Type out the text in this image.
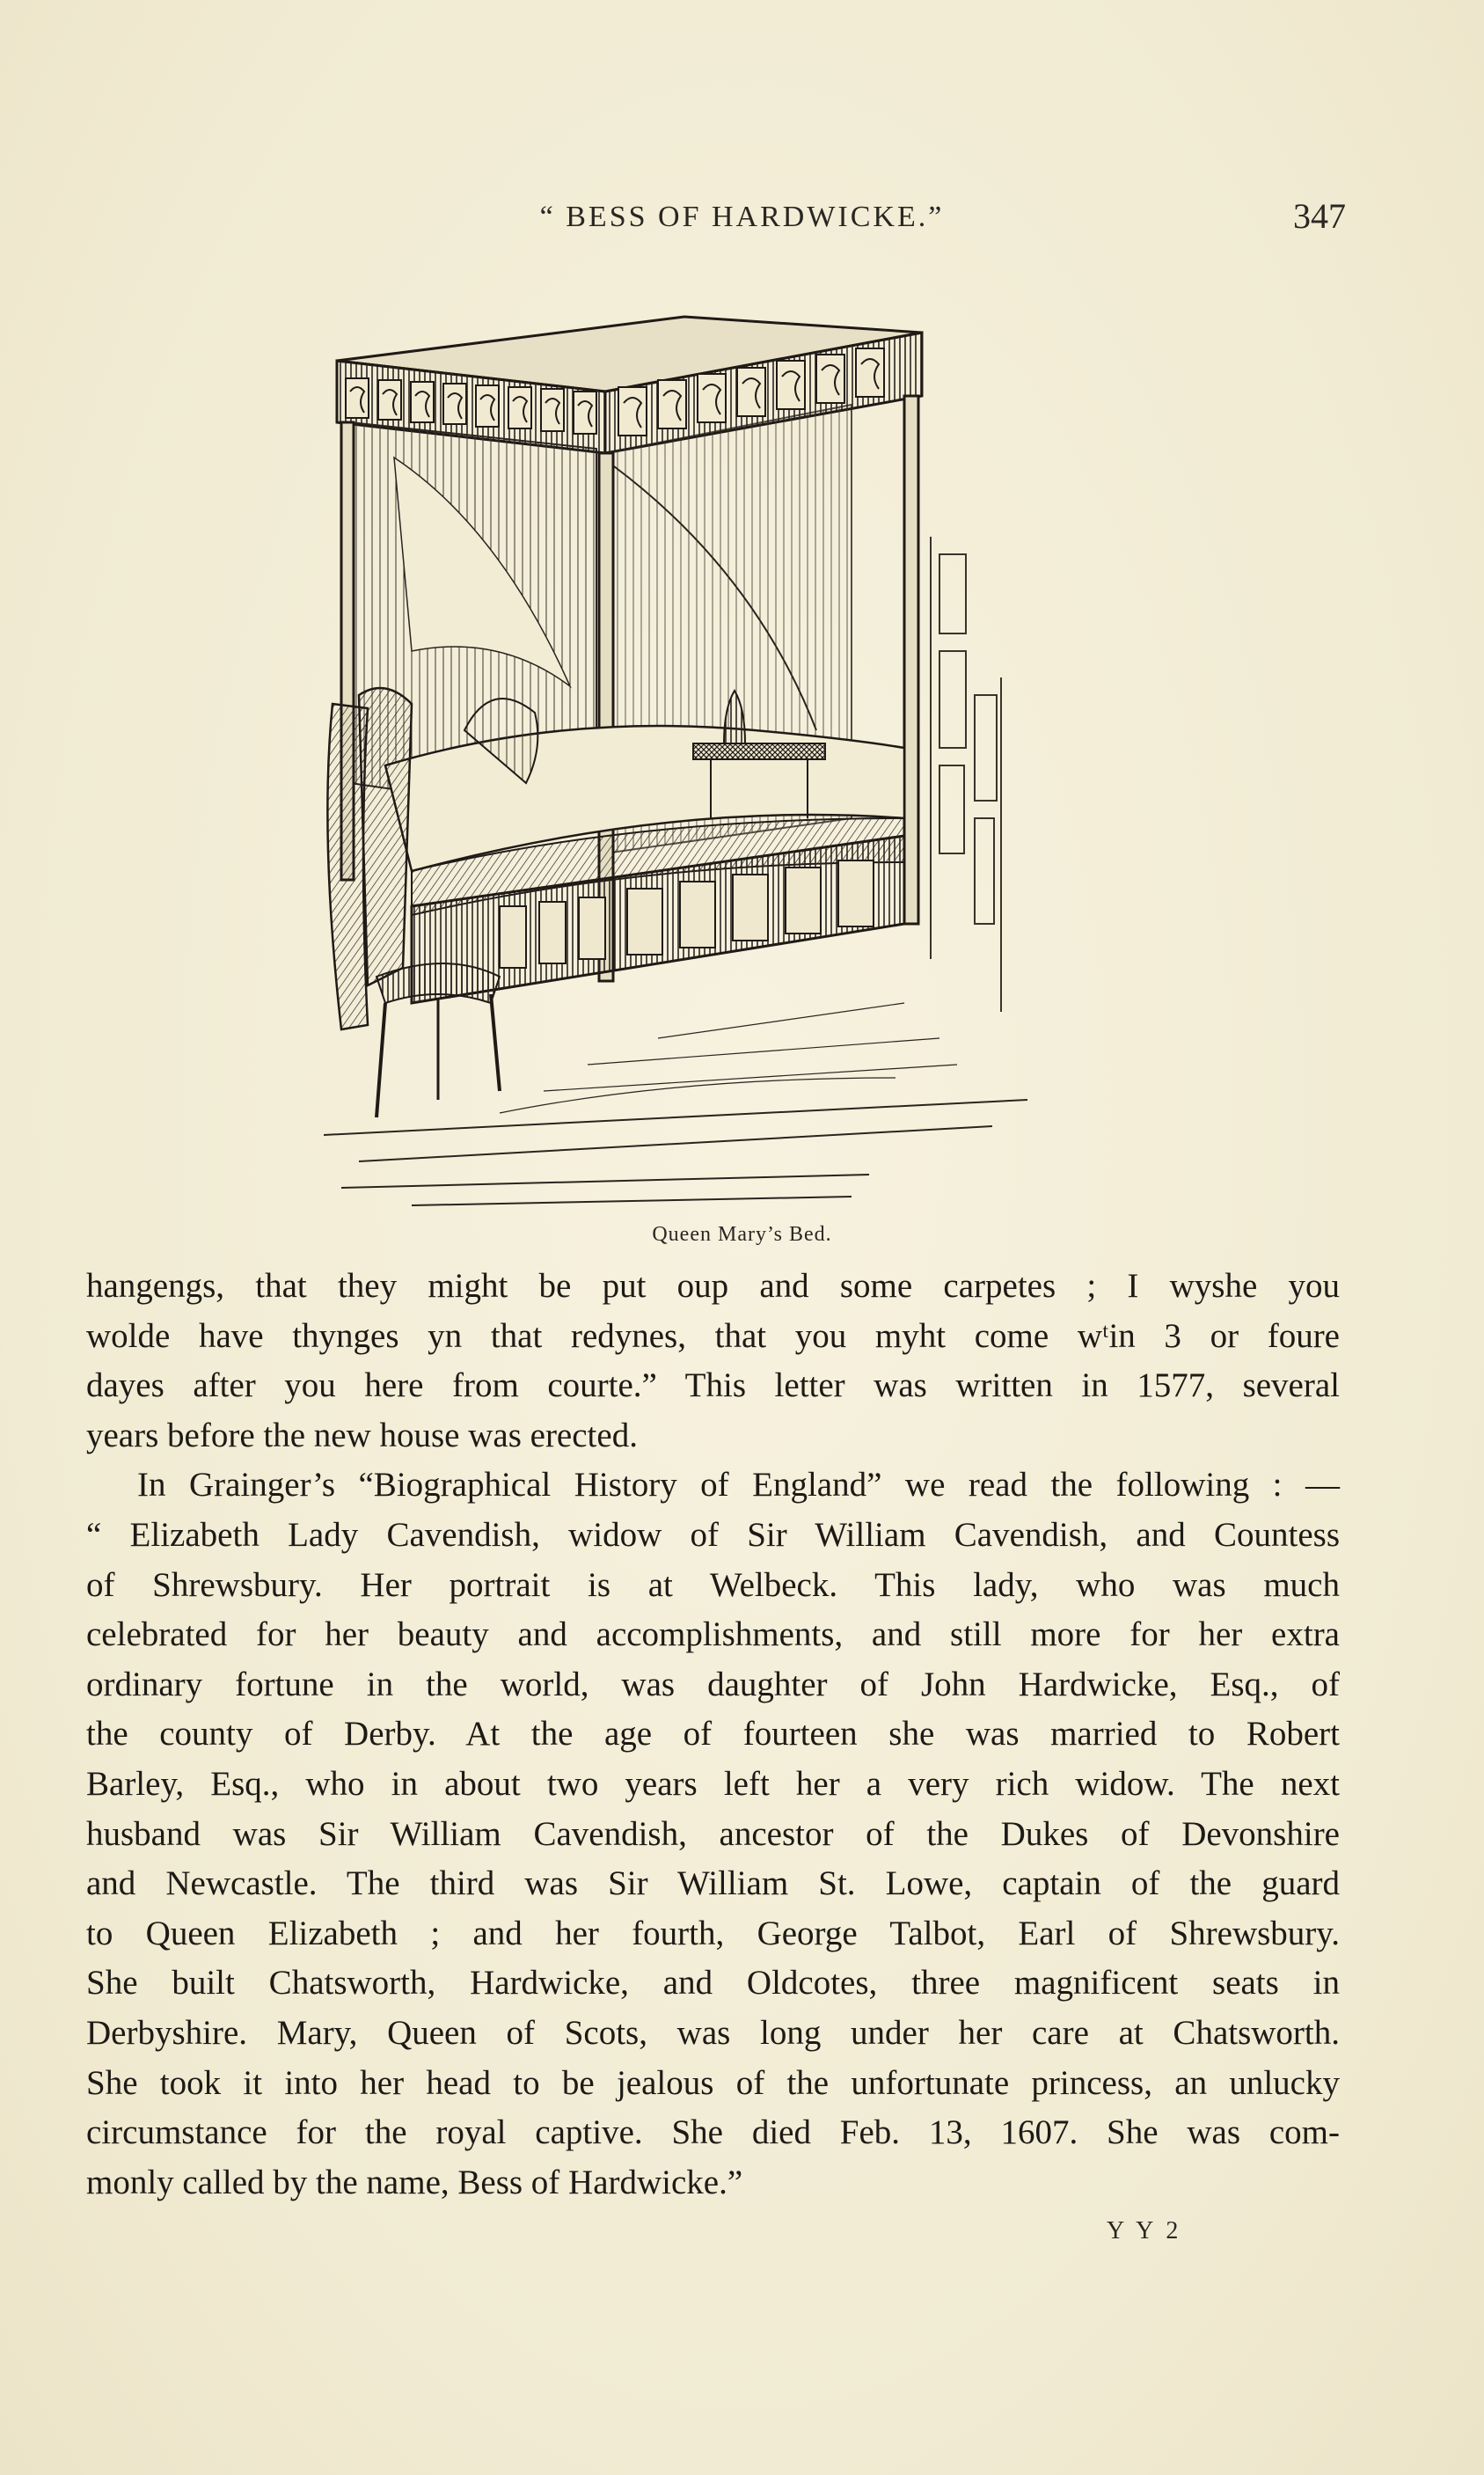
“ BESS OF HARDWICKE.”	347
Queen Mary’s Bed.
hangengs, that they might be put oup and some carpetes ; I wyshe you
wolde have thynges yn that redynes, that you myht come wᵗin 3 or foure
dayes after you here from courte.” This letter was written in 1577, several
years before the new house was erected.
In Grainger’s “Biographical History of England” we read the following : —
“ Elizabeth Lady Cavendish, widow of Sir William Cavendish, and Countess
of Shrewsbury. Her portrait is at Welbeck. This lady, who was much
celebrated for her beauty and accomplishments, and still more for her extra
ordinary fortune in the world, was daughter of John Hardwicke, Esq., of
the county of Derby. At the age of fourteen she was married to Robert
Barley, Esq., who in about two years left her a very rich widow. The next
husband was Sir William Cavendish, ancestor of the Dukes of Devonshire
and Newcastle. The third was Sir William St. Lowe, captain of the guard
to Queen Elizabeth ; and her fourth, George Talbot, Earl of Shrewsbury.
She built Chatsworth, Hardwicke, and Oldcotes, three magnificent seats in
Derbyshire. Mary, Queen of Scots, was long under her care at Chatsworth.
She took it into her head to be jealous of the unfortunate princess, an unlucky
circumstance for the royal captive. She died Feb. 13, 1607. She was com-
monly called by the name, Bess of Hardwicke.”
Y Y 2
